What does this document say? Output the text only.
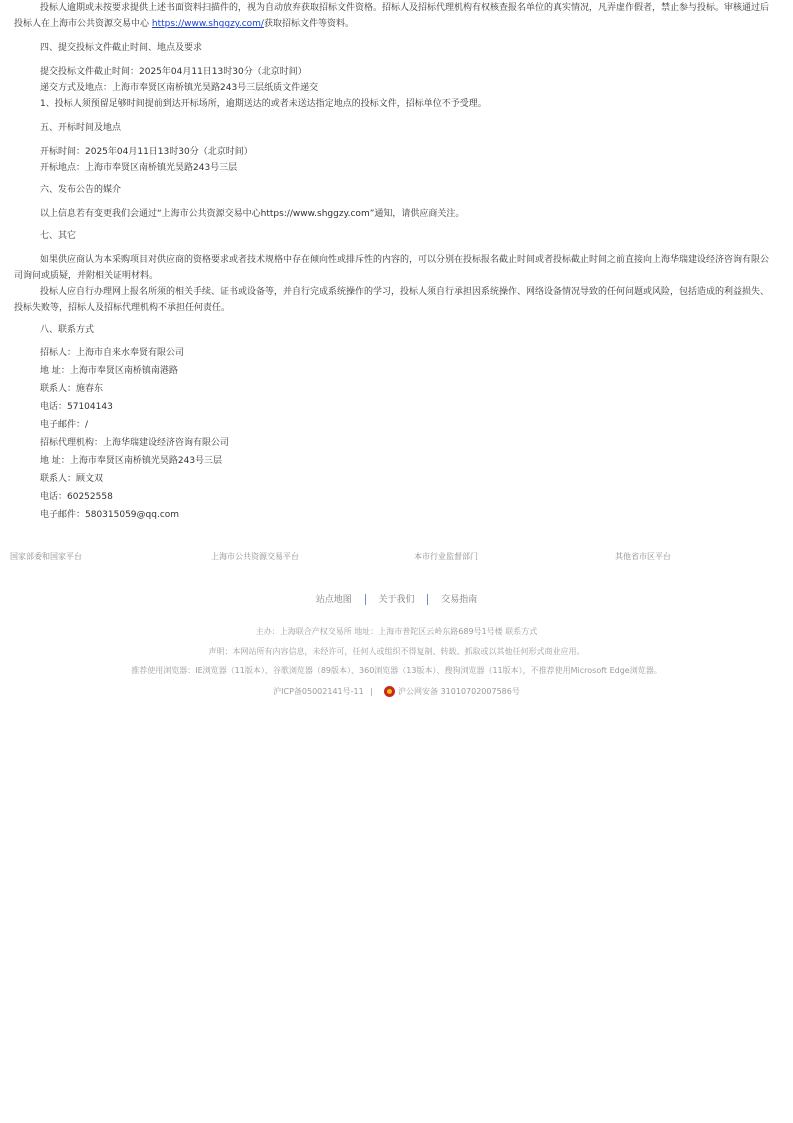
投标人逾期或未按要求提供上述书面资料扫描件的，视为自动放弃获取招标文件资格。招标人及招标代理机构有权核查报名单位的真实情况，凡弄虚作假者，禁止参与投标。审核通过后投标人在上海市公共资源交易中心 https://www.shggzy.com/获取招标文件等资料。

四、提交投标文件截止时间、地点及要求

提交投标文件截止时间：2025年04月11日13时30分（北京时间）

递交方式及地点：上海市奉贤区南桥镇光昊路243号三层纸质文件递交

1、投标人须预留足够时间提前到达开标场所，逾期送达的或者未送达指定地点的投标文件，招标单位不予受理。

五、开标时间及地点

开标时间：2025年04月11日13时30分（北京时间）

开标地点：上海市奉贤区南桥镇光昊路243号三层

六、发布公告的媒介

以上信息若有变更我们会通过“上海市公共资源交易中心https://www.shggzy.com”通知，请供应商关注。

七、其它

如果供应商认为本采购项目对供应商的资格要求或者技术规格中存在倾向性或排斥性的内容的，可以分别在投标报名截止时间或者投标截止时间之前直接向上海华瑞建设经济咨询有限公司询问或质疑，并附相关证明材料。

投标人应自行办理网上报名所须的相关手续、证书或设备等，并自行完成系统操作的学习，投标人须自行承担因系统操作、网络设备情况导致的任何问题或风险，包括造成的利益损失、投标失败等，招标人及招标代理机构不承担任何责任。

八、联系方式

招标人：上海市自来水奉贤有限公司

地 址：上海市奉贤区南桥镇南港路

联系人：施春东

电话：57104143

电子邮件：/

招标代理机构：上海华瑞建设经济咨询有限公司

地 址：上海市奉贤区南桥镇光昊路243号三层

联系人：顾文双

电话：60252558

电子邮件：580315059@qq.com

国家部委和国家平台	上海市公共资源交易平台	本市行业监督部门	其他省市区平台
站点地图	关于我们	交易指南
主办：上海联合产权交易所 地址：上海市普陀区云岭东路689号1号楼 联系方式
声明：本网站所有内容信息，未经许可，任何人或组织不得复制、转载、抓取或以其他任何形式商业应用。
推荐使用浏览器：IE浏览器（11版本）、谷歌浏览器（89版本）、360浏览器（13版本）、搜狗浏览器（11版本），不推荐使用Microsoft Edge浏览器。
沪ICP备05002141号-11 |	沪公网安备 31010702007586号
